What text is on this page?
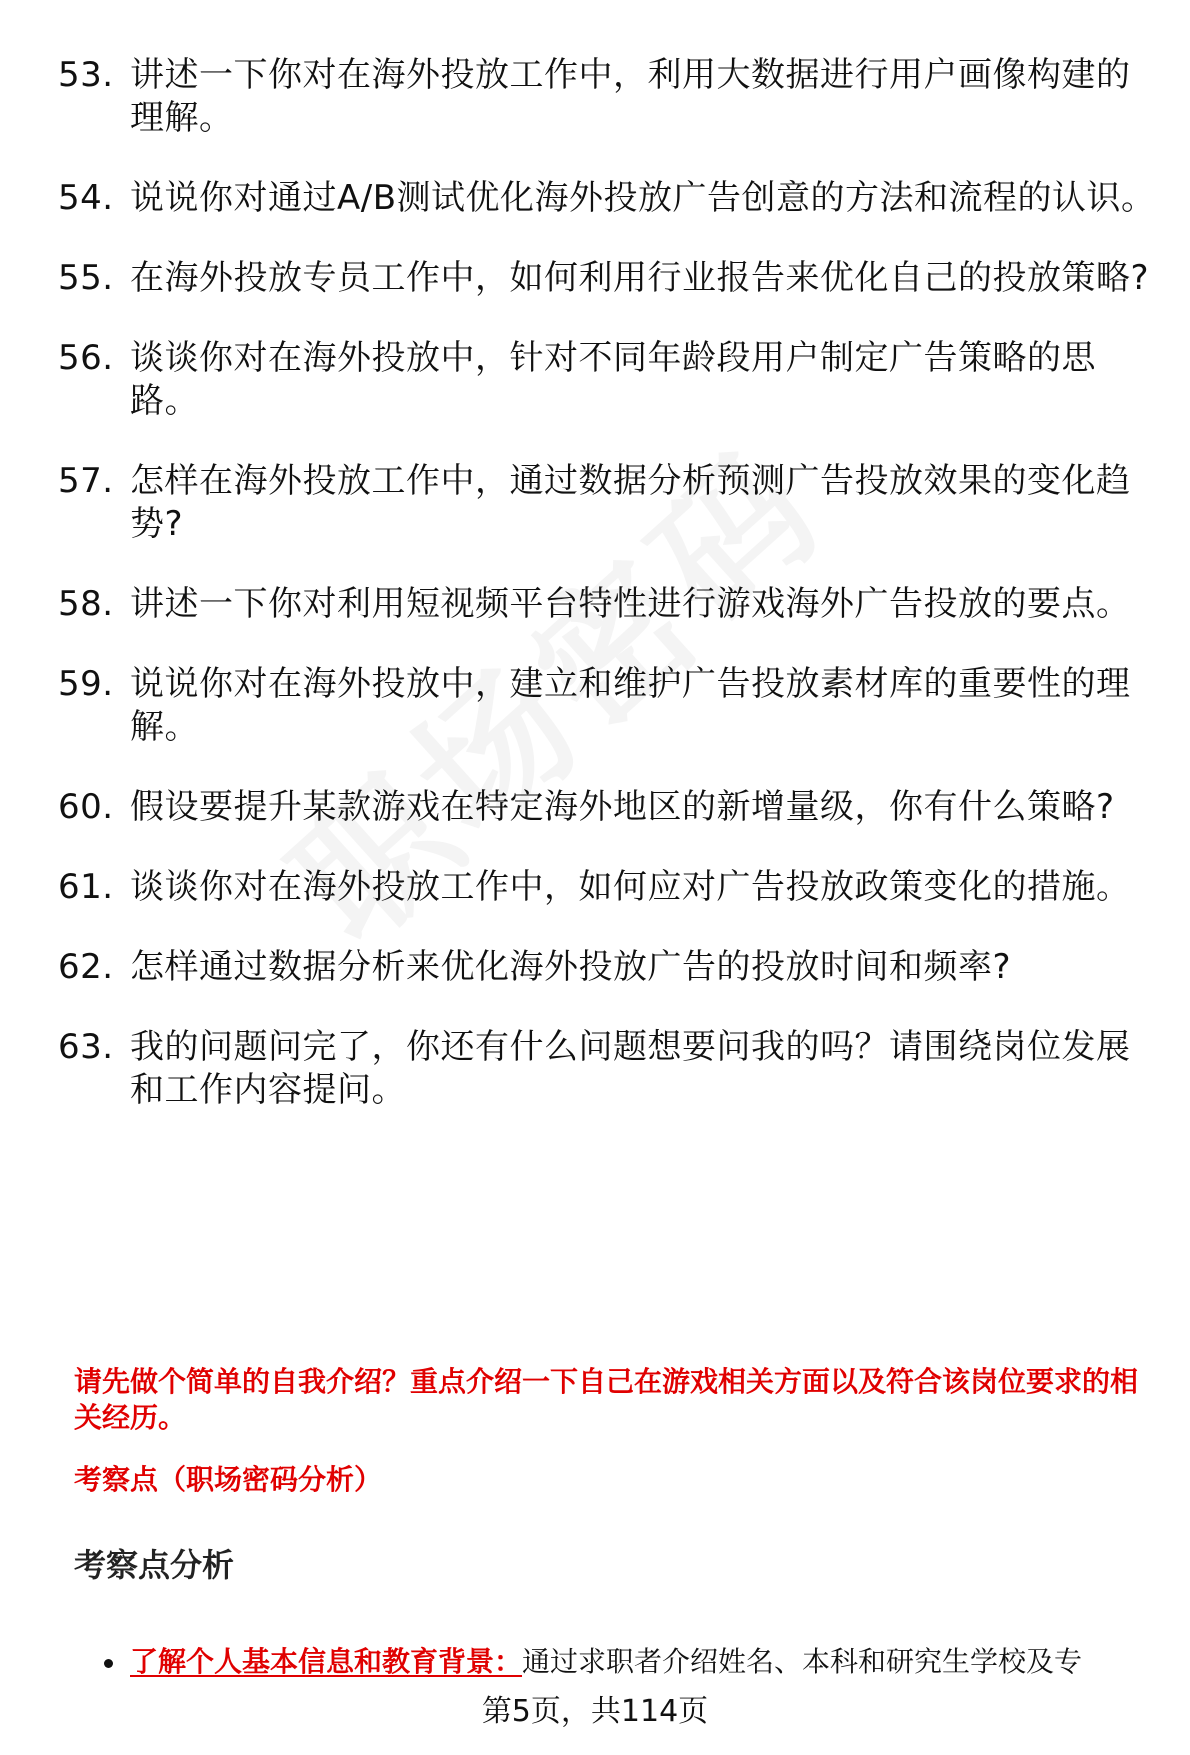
53. 讲述一下你对在海外投放工作中，利用大数据进行用户画像构建的理解。
54. 说说你对通过A/B测试优化海外投放广告创意的方法和流程的认识。
55. 在海外投放专员工作中，如何利用行业报告来优化自己的投放策略?
56. 谈谈你对在海外投放中，针对不同年龄段用户制定广告策略的思路。
57. 怎样在海外投放工作中，通过数据分析预测广告投放效果的变化趋势?
58. 讲述一下你对利用短视频平台特性进行游戏海外广告投放的要点。
59. 说说你对在海外投放中，建立和维护广告投放素材库的重要性的理解。
60. 假设要提升某款游戏在特定海外地区的新增量级，你有什么策略?
61. 谈谈你对在海外投放工作中，如何应对广告投放政策变化的措施。
62. 怎样通过数据分析来优化海外投放广告的投放时间和频率?
63. 我的问题问完了，你还有什么问题想要问我的吗？请围绕岗位发展和工作内容提问。

请先做个简单的自我介绍？重点介绍一下自己在游戏相关方面以及符合该岗位要求的相关经历。

考察点（职场密码分析）

考察点分析
了解个人基本信息和教育背景：通过求职者介绍姓名、本科和研究生学校及专
第5页，共114页
